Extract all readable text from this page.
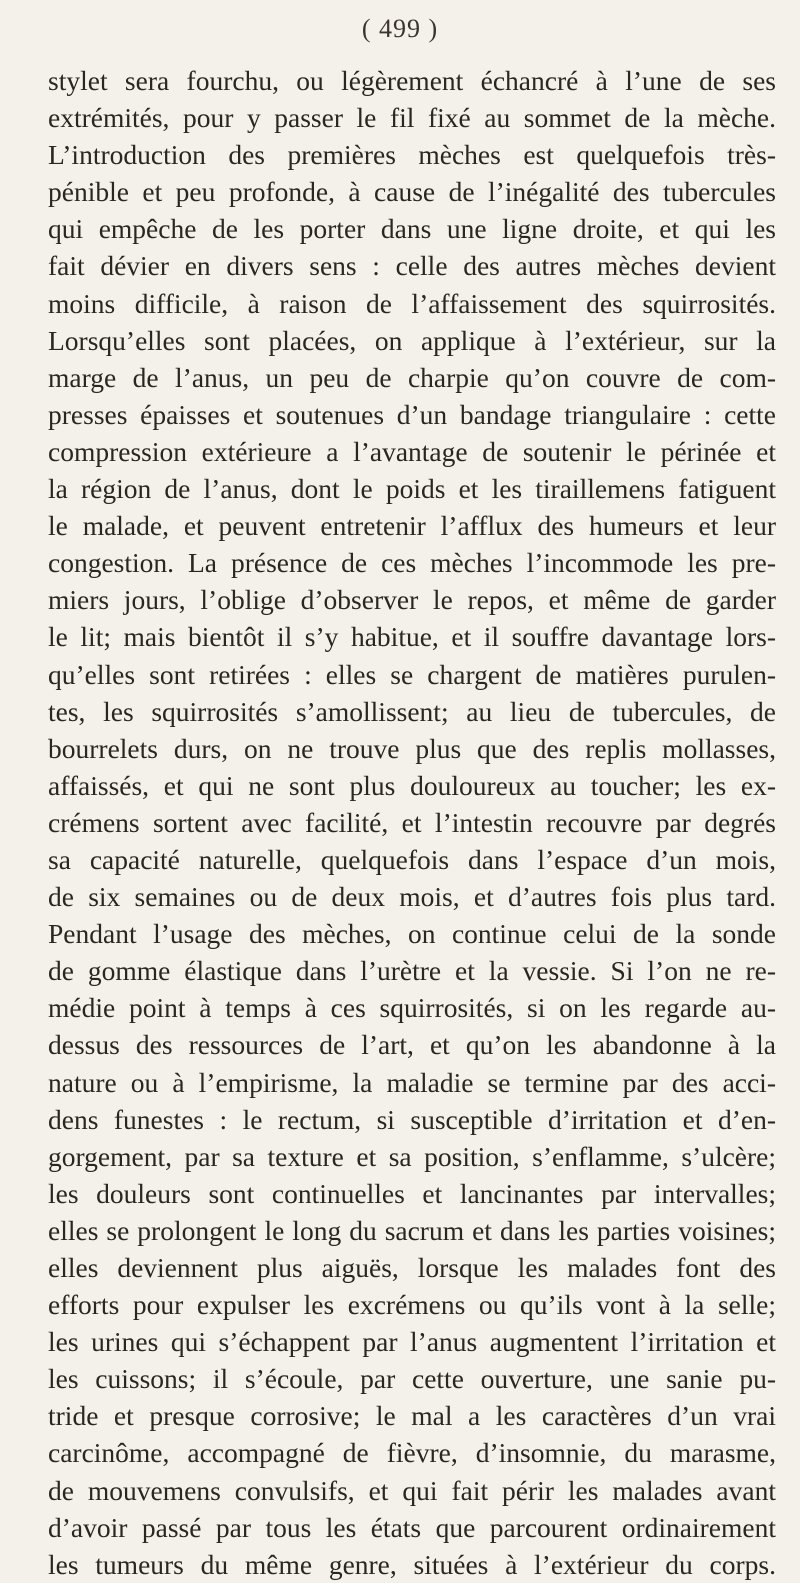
( 499 )
stylet sera fourchu, ou légèrement échancré à l’une de ses
extrémités, pour y passer le fil fixé au sommet de la mèche.
L’introduction des premières mèches est quelquefois très-
pénible et peu profonde, à cause de l’inégalité des tubercules
qui empêche de les porter dans une ligne droite, et qui les
fait dévier en divers sens : celle des autres mèches devient
moins difficile, à raison de l’affaissement des squirrosités.
Lorsqu’elles sont placées, on applique à l’extérieur, sur la
marge de l’anus, un peu de charpie qu’on couvre de com-
presses épaisses et soutenues d’un bandage triangulaire : cette
compression extérieure a l’avantage de soutenir le périnée et
la région de l’anus, dont le poids et les tiraillemens fatiguent
le malade, et peuvent entretenir l’afflux des humeurs et leur
congestion. La présence de ces mèches l’incommode les pre-
miers jours, l’oblige d’observer le repos, et même de garder
le lit; mais bientôt il s’y habitue, et il souffre davantage lors-
qu’elles sont retirées : elles se chargent de matières purulen-
tes, les squirrosités s’amollissent; au lieu de tubercules, de
bourrelets durs, on ne trouve plus que des replis mollasses,
affaissés, et qui ne sont plus douloureux au toucher; les ex-
crémens sortent avec facilité, et l’intestin recouvre par degrés
sa capacité naturelle, quelquefois dans l’espace d’un mois,
de six semaines ou de deux mois, et d’autres fois plus tard.
Pendant l’usage des mèches, on continue celui de la sonde
de gomme élastique dans l’urètre et la vessie. Si l’on ne re-
médie point à temps à ces squirrosités, si on les regarde au-
dessus des ressources de l’art, et qu’on les abandonne à la
nature ou à l’empirisme, la maladie se termine par des acci-
dens funestes : le rectum, si susceptible d’irritation et d’en-
gorgement, par sa texture et sa position, s’enflamme, s’ulcère;
les douleurs sont continuelles et lancinantes par intervalles;
elles se prolongent le long du sacrum et dans les parties voisines;
elles deviennent plus aiguës, lorsque les malades font des
efforts pour expulser les excrémens ou qu’ils vont à la selle;
les urines qui s’échappent par l’anus augmentent l’irritation et
les cuissons; il s’écoule, par cette ouverture, une sanie pu-
tride et presque corrosive; le mal a les caractères d’un vrai
carcinôme, accompagné de fièvre, d’insomnie, du marasme,
de mouvemens convulsifs, et qui fait périr les malades avant
d’avoir passé par tous les états que parcourent ordinairement
les tumeurs du même genre, situées à l’extérieur du corps.
